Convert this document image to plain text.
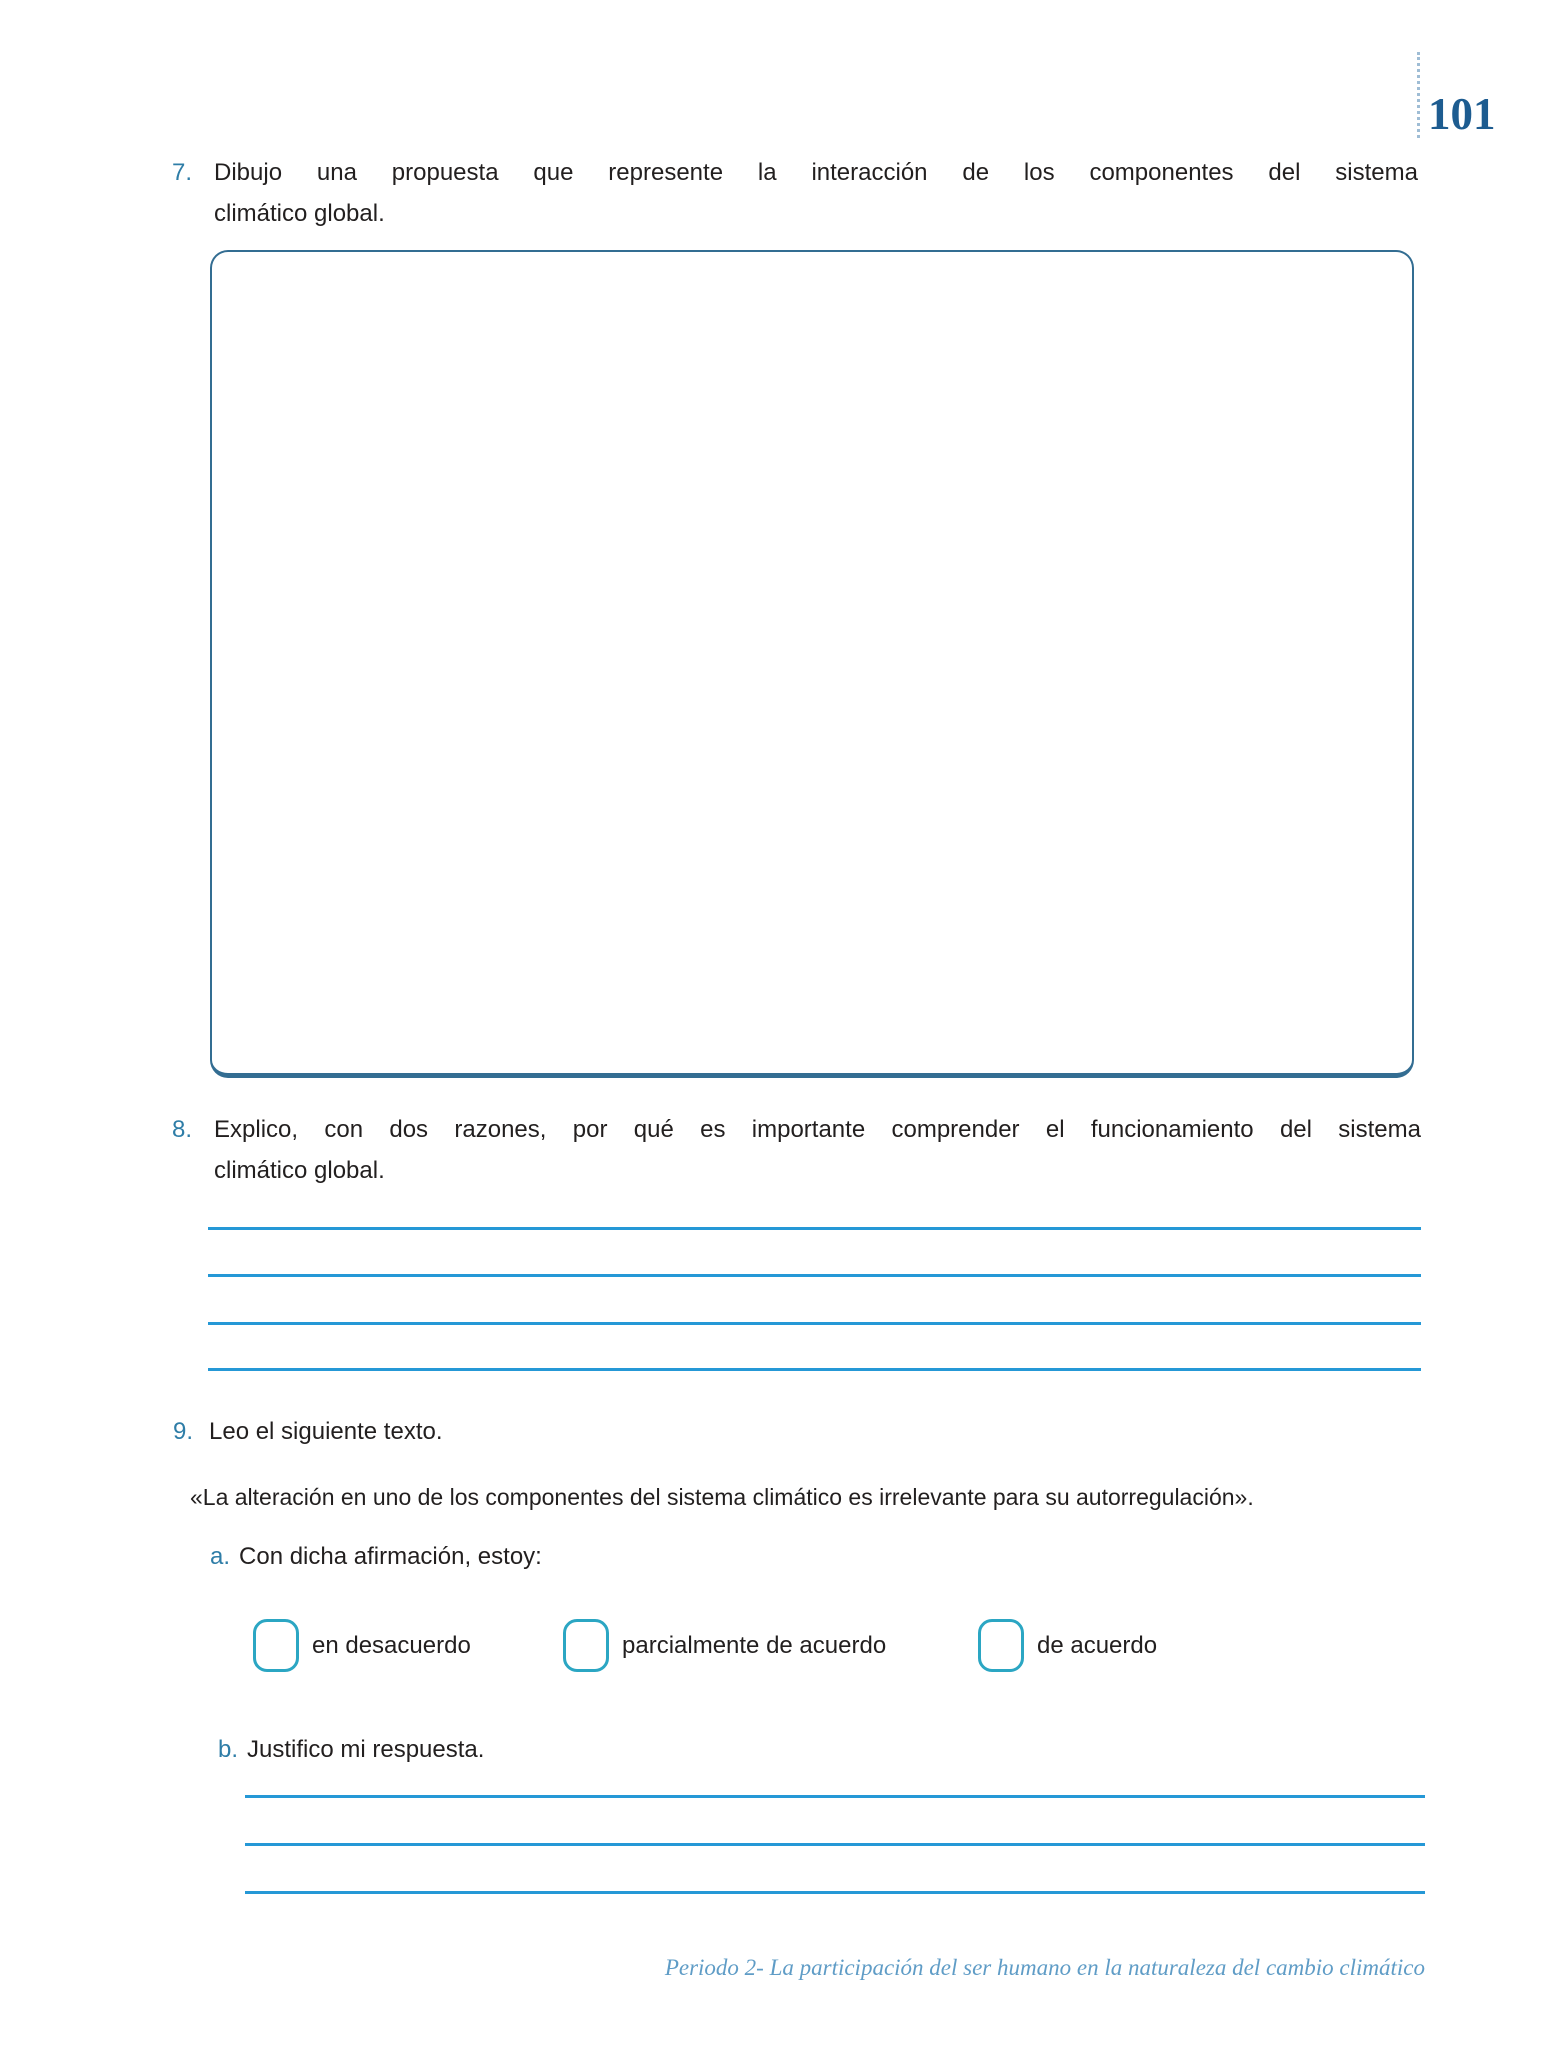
101
7. Dibujo una propuesta que represente la interacción de los componentes del sistema
climático global.
8. Explico, con dos razones, por qué es importante comprender el funcionamiento del sistema
climático global.
9. Leo el siguiente texto.
«La alteración en uno de los componentes del sistema climático es irrelevante para su autorregulación».
a. Con dicha afirmación, estoy:
en desacuerdo	parcialmente de acuerdo	de acuerdo
b. Justifico mi respuesta.
Periodo 2- La participación del ser humano en la naturaleza del cambio climático
